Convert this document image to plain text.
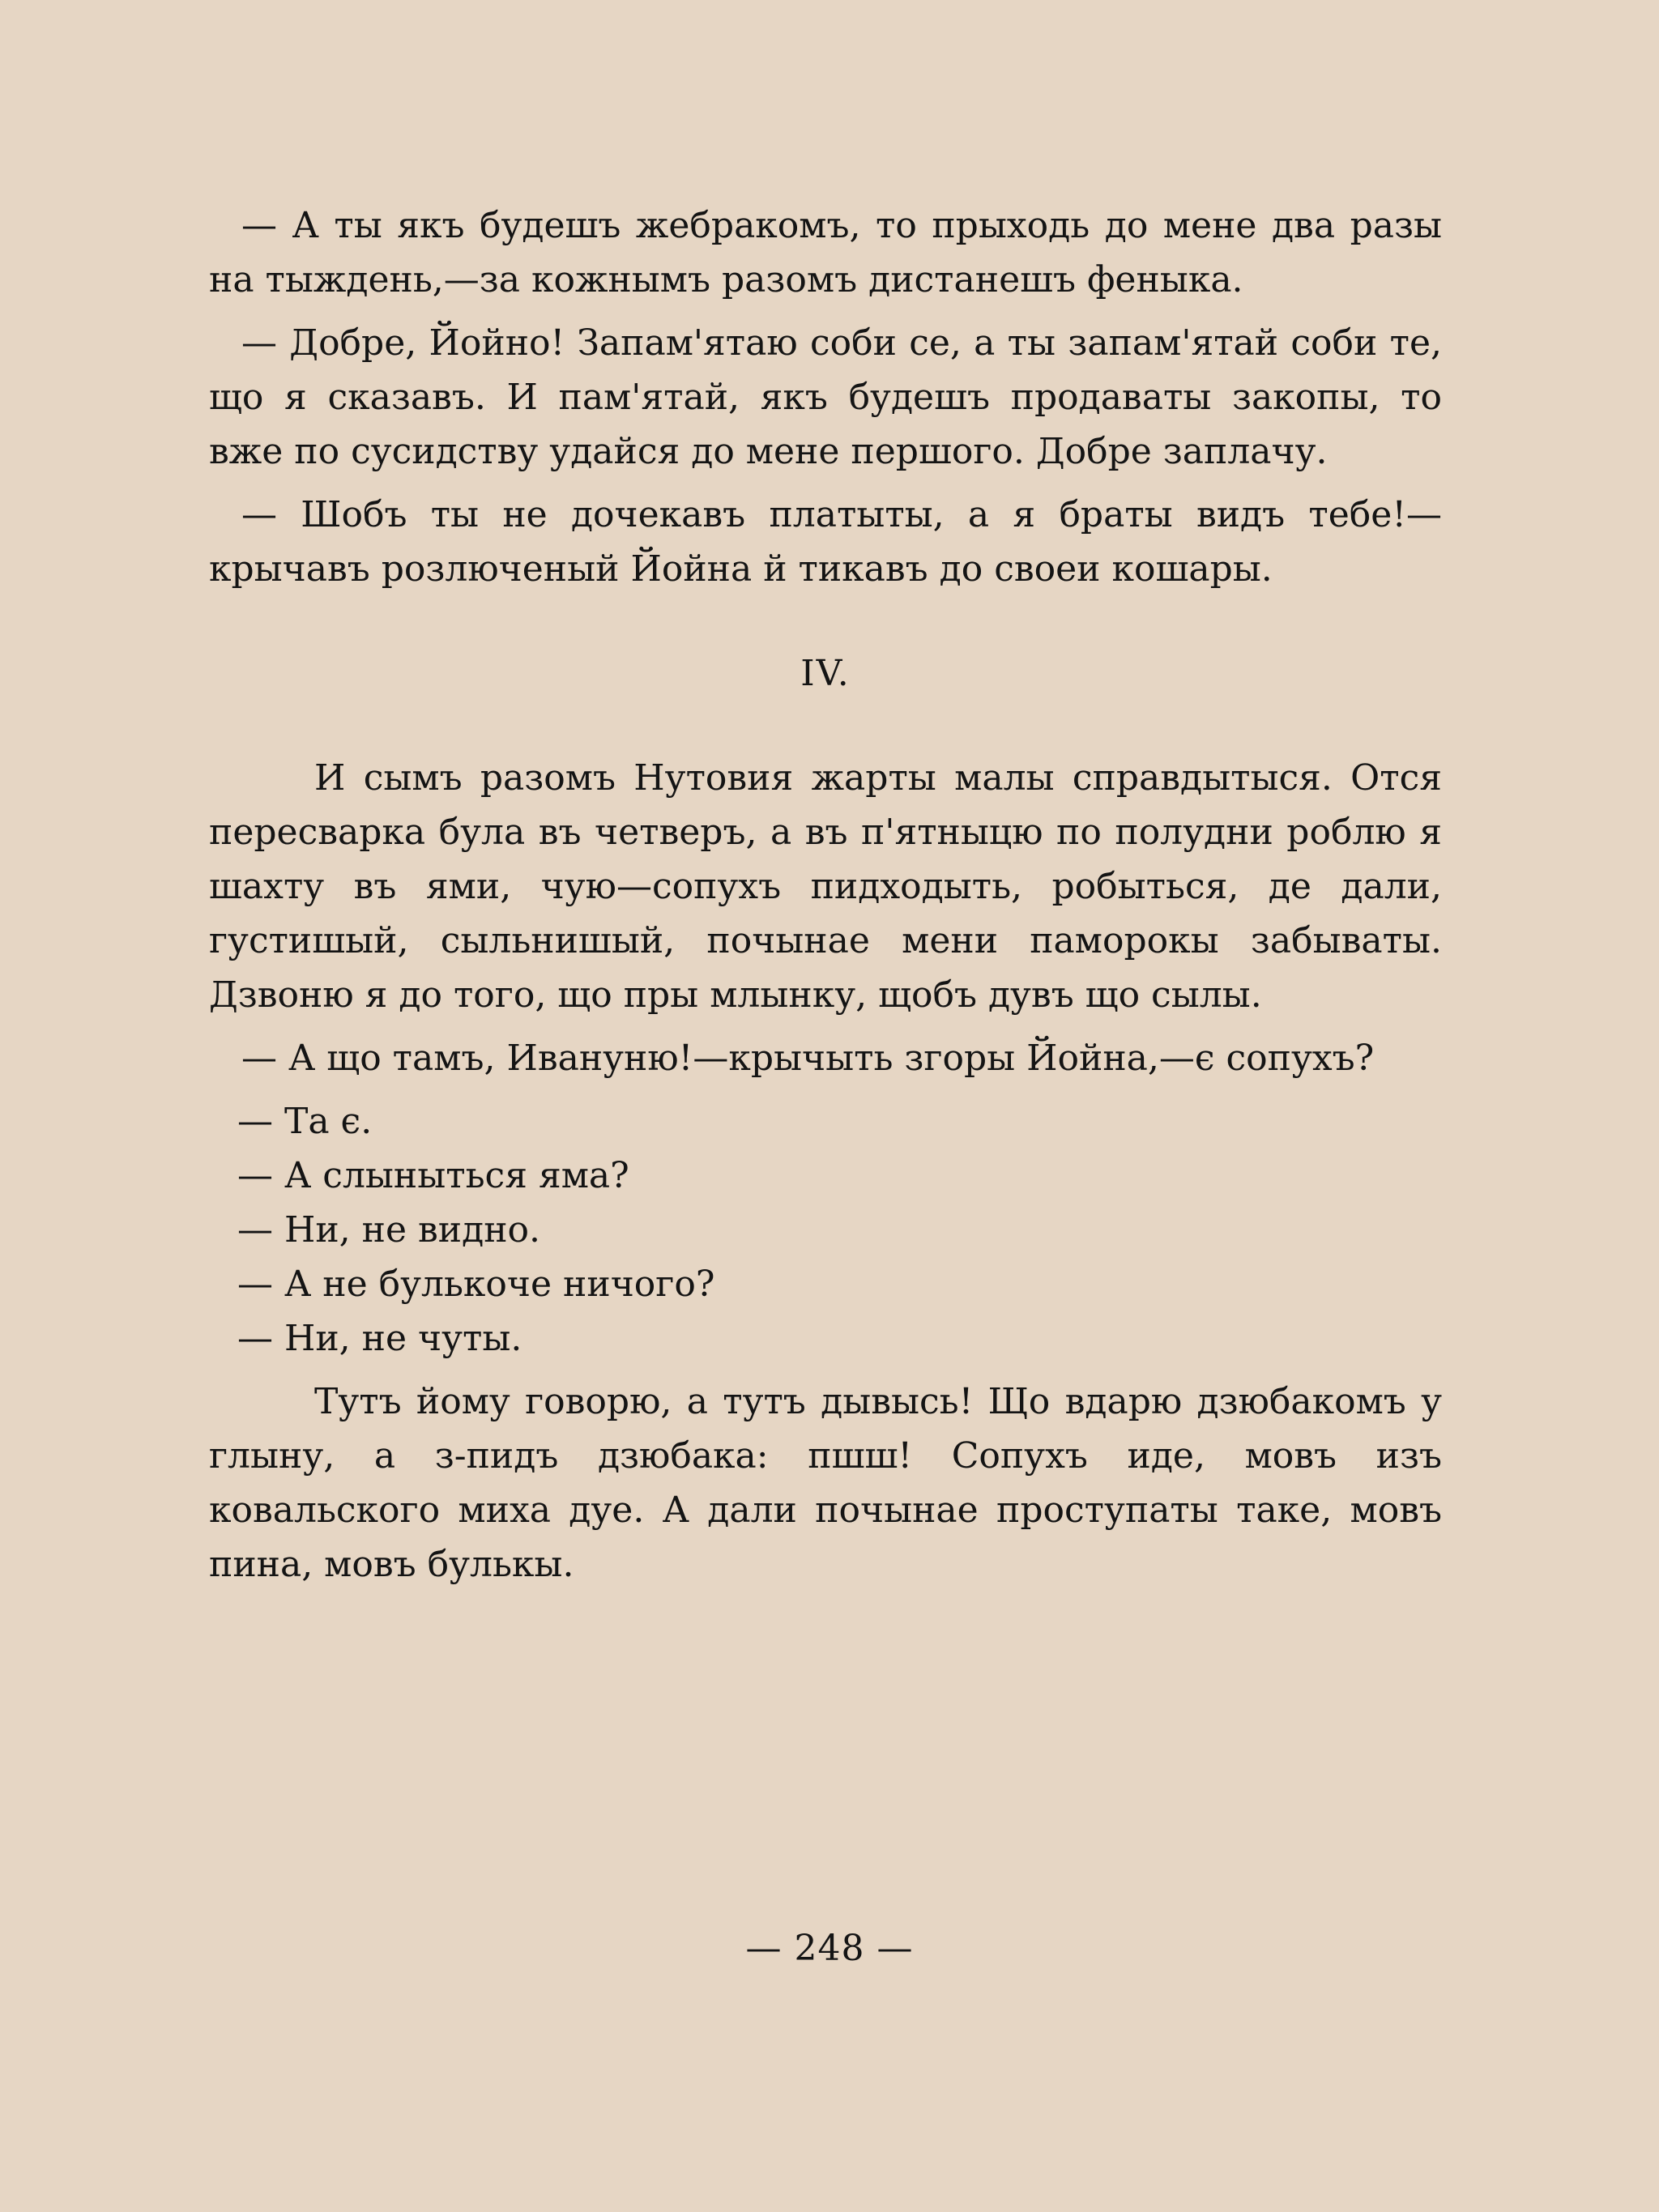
— А ты якъ будешъ жебракомъ, то прыходь до мене два разы на тыждень,—за кожнымъ разомъ дистанешъ феныка.

— Добре, Йойно! Запам'ятаю соби се, а ты запам'ятай соби те, що я сказавъ. И пам'ятай, якъ будешъ продаваты закопы, то вже по сусидству удайся до мене першого. Добре заплачу.

— Шобъ ты не дочекавъ платыты, а я браты видъ тебе!—крычавъ розлюченый Йойна й тикавъ до своеи кошары.

IV.

И сымъ разомъ Нутовия жарты малы справдытыся. Отся пересварка була въ четверъ, а въ п'ятныцю по полудни роблю я шахту въ ями, чую—сопухъ пидходыть, робыться, де дали, густишый, сыльнишый, почынае мени паморокы забываты. Дзвоню я до того, що пры млынку, щобъ дувъ що сылы.

— А що тамъ, Ивануню!—крычыть згоры Йойна,—є сопухъ?

— Та є.
— А слыныться яма?
— Ни, не видно.
— А не булькоче ничого?
— Ни, не чуты.

Тутъ йому говорю, а тутъ дывысь! Що вдарю дзюбакомъ у глыну, а з-пидъ дзюбака: пшш! Сопухъ иде, мовъ изъ ковальского миха дуе. А дали почынае проступаты таке, мовъ пина, мовъ булькы.

— 248 —
